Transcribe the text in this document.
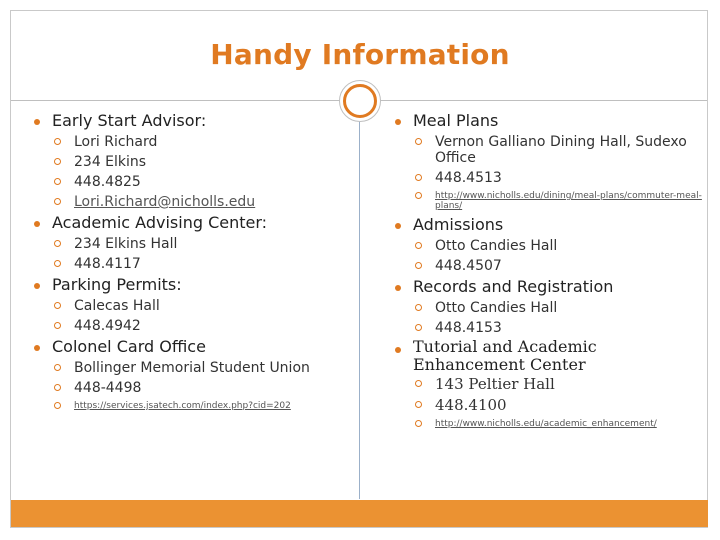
Handy Information
Early Start Advisor:
Lori Richard
234 Elkins
448.4825
Lori.Richard@nicholls.edu
Academic Advising Center:
234 Elkins Hall
448.4117
Parking Permits:
Calecas Hall
448.4942
Colonel Card Office
Bollinger Memorial Student Union
448-4498
https://services.jsatech.com/index.php?cid=202
Meal Plans
Vernon Galliano Dining Hall, Sudexo Office
448.4513
http://www.nicholls.edu/dining/meal-plans/commuter-meal-plans/
Admissions
Otto Candies Hall
448.4507
Records and Registration
Otto Candies Hall
448.4153
Tutorial and Academic Enhancement Center
143 Peltier Hall
448.4100
http://www.nicholls.edu/academic_enhancement/
